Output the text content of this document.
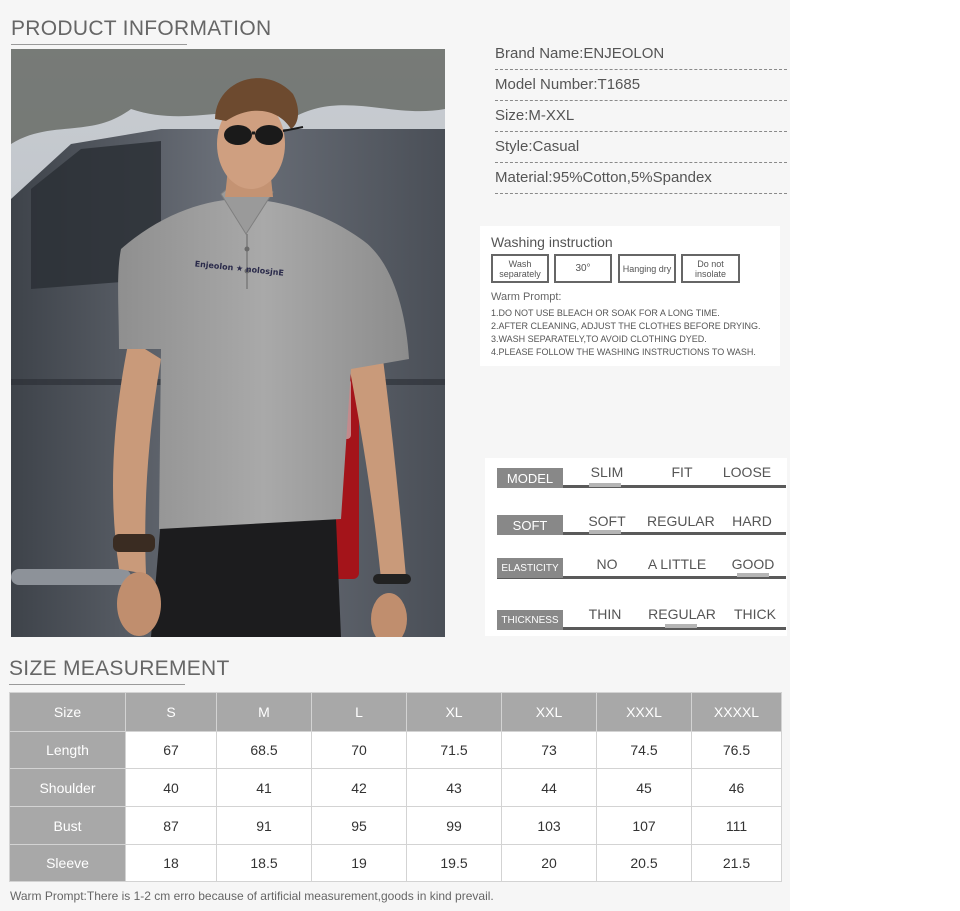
PRODUCT INFORMATION
Enjeolon ★ nolosjnE
Brand Name:ENJEOLON
Model Number:T1685
Size:M-XXL
Style:Casual
Material:95%Cotton,5%Spandex
Washing instruction
Wash separately	30°	Hanging dry	Do not insolate
Warm Prompt:
1.DO NOT USE BLEACH OR SOAK FOR A LONG TIME.
2.AFTER CLEANING, ADJUST THE CLOTHES BEFORE DRYING.
3.WASH SEPARATELY,TO AVOID CLOTHING DYED.
4.PLEASE FOLLOW THE WASHING INSTRUCTIONS TO WASH.
MODEL	SLIM	FIT	LOOSE
SOFT	SOFT	REGULAR	HARD
ELASTICITY	NO	A LITTLE	GOOD
THICKNESS	THIN	REGULAR	THICK
SIZE MEASUREMENT
Size	S	M	L	XL	XXL	XXXL	XXXXL
Length	67	68.5	70	71.5	73	74.5	76.5
Shoulder	40	41	42	43	44	45	46
Bust	87	91	95	99	103	107	111
Sleeve	18	18.5	19	19.5	20	20.5	21.5
Warm Prompt:There is 1-2 cm erro because of artificial measurement,goods in kind prevail.
